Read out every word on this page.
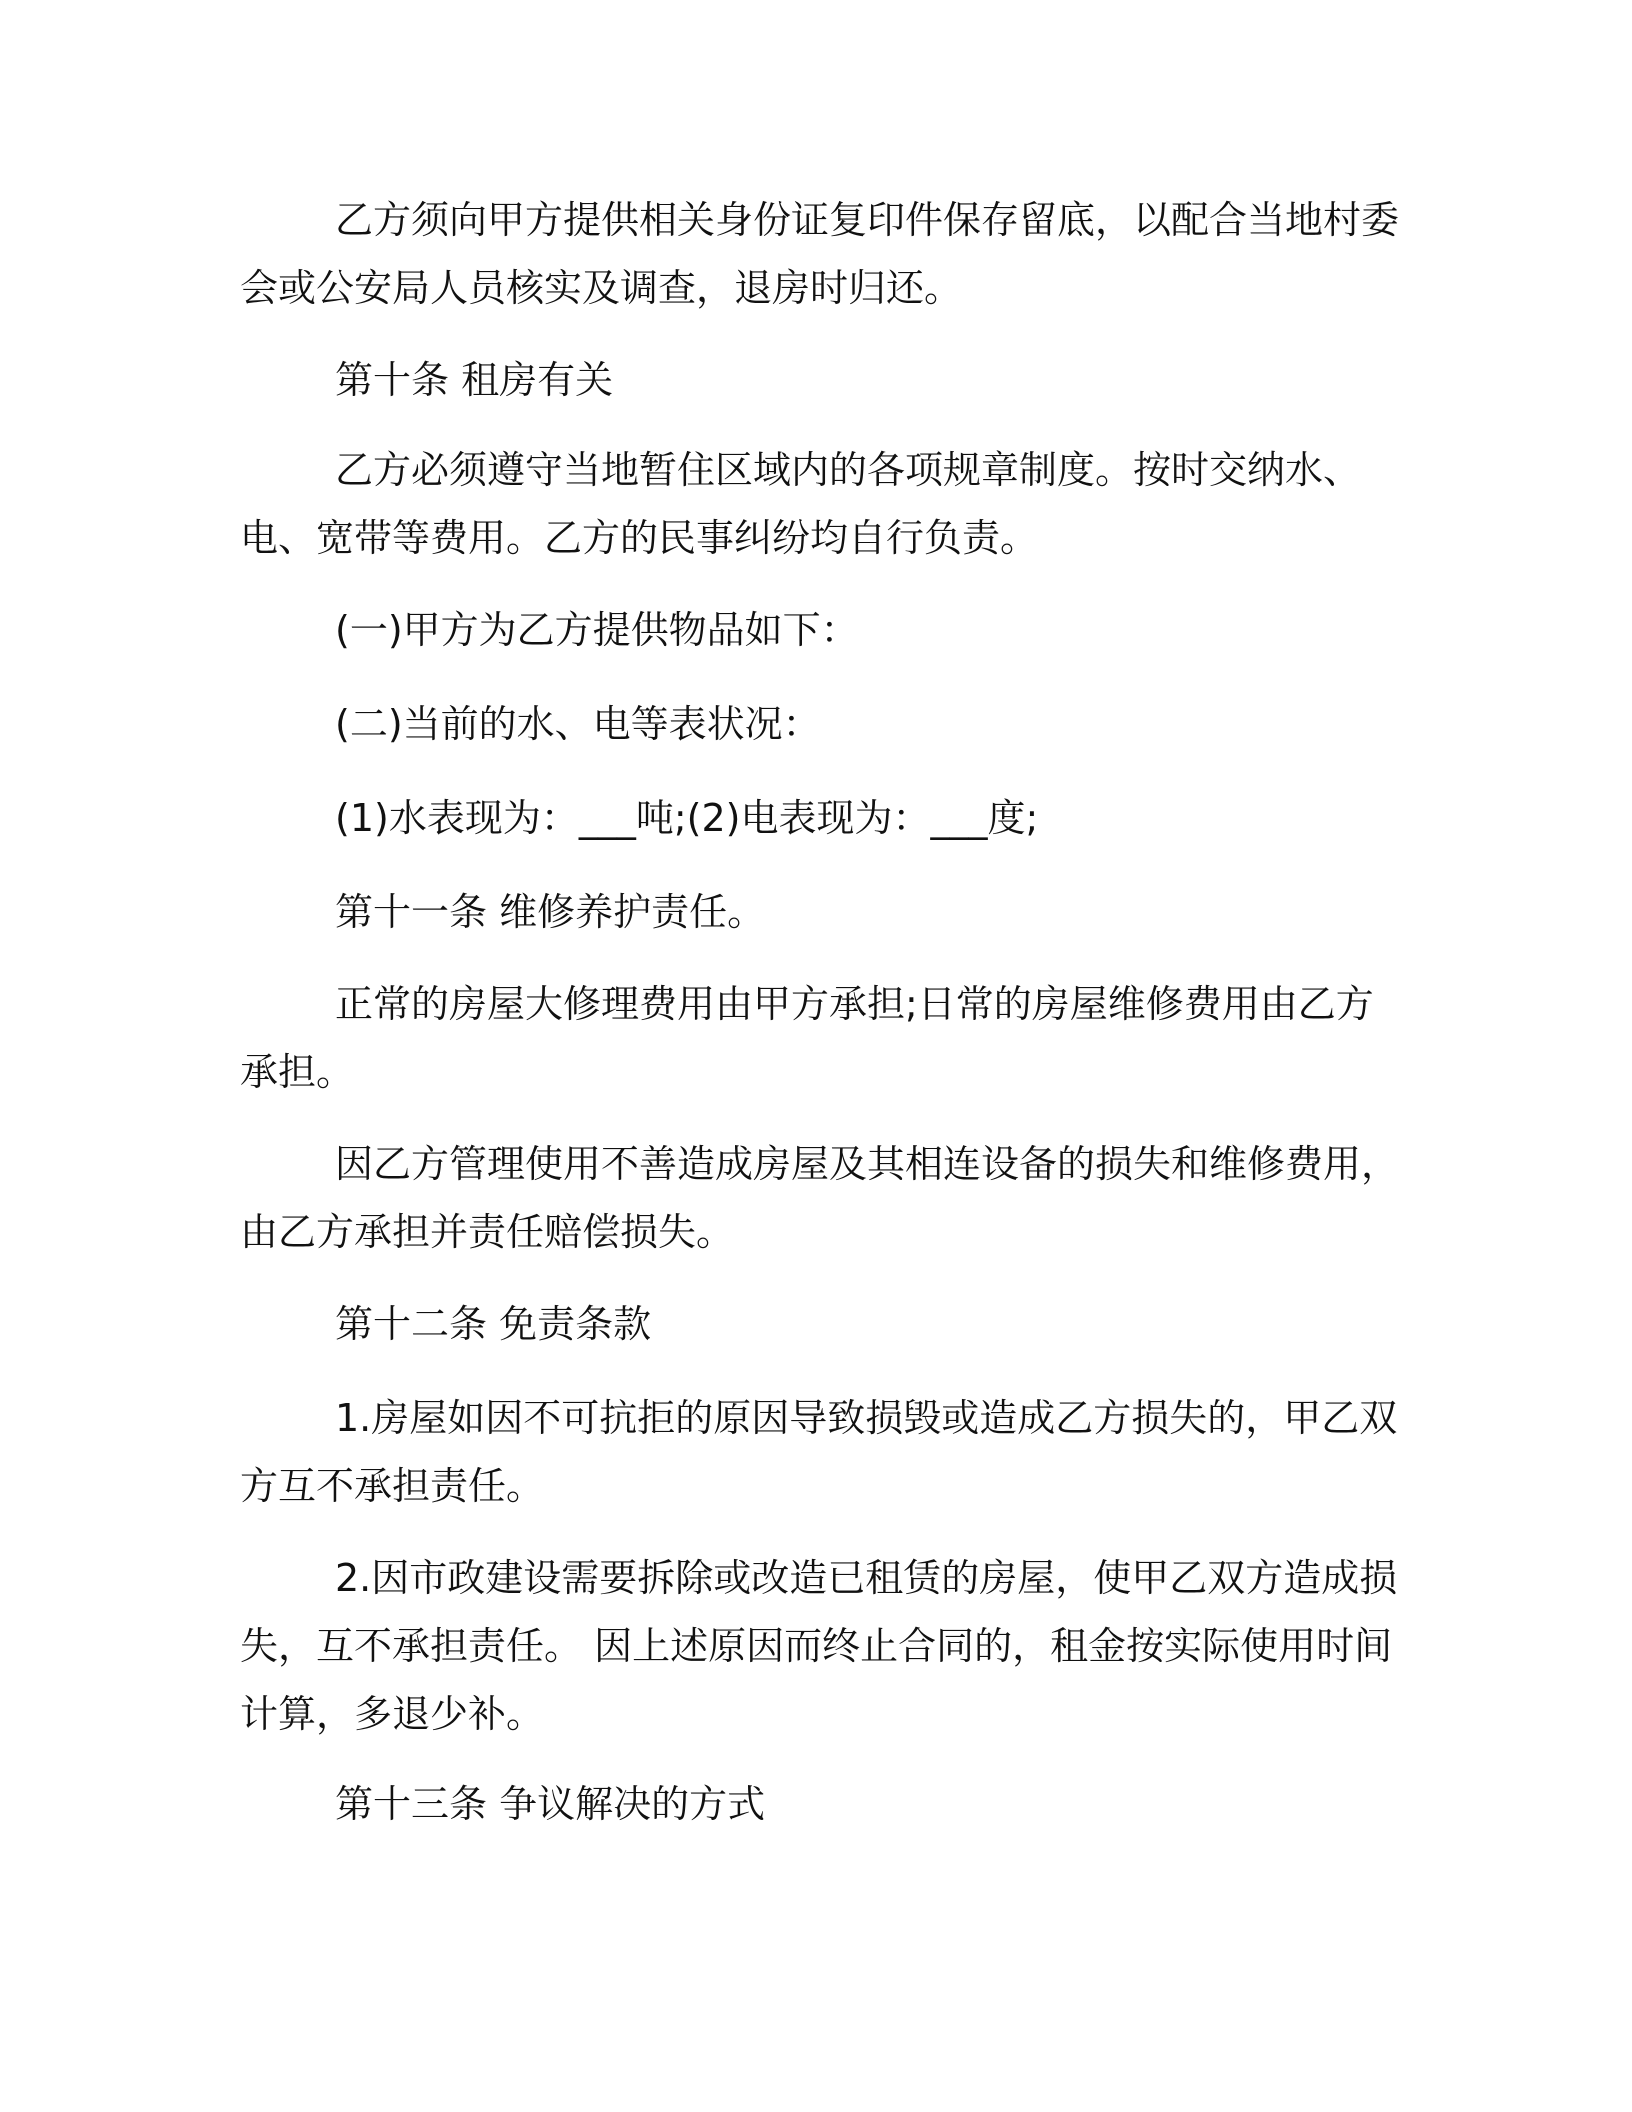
乙方须向甲方提供相关身份证复印件保存留底，以配合当地村委会或公安局人员核实及调查，退房时归还。

第十条 租房有关

乙方必须遵守当地暂住区域内的各项规章制度。按时交纳水、电、宽带等费用。乙方的民事纠纷均自行负责。

(一)甲方为乙方提供物品如下：

(二)当前的水、电等表状况：

(1)水表现为：___吨;(2)电表现为：___度;

第十一条 维修养护责任。

正常的房屋大修理费用由甲方承担;日常的房屋维修费用由乙方承担。

因乙方管理使用不善造成房屋及其相连设备的损失和维修费用，由乙方承担并责任赔偿损失。

第十二条 免责条款

1.房屋如因不可抗拒的原因导致损毁或造成乙方损失的，甲乙双方互不承担责任。

2.因市政建设需要拆除或改造已租赁的房屋，使甲乙双方造成损失，互不承担责任。 因上述原因而终止合同的，租金按实际使用时间计算，多退少补。

第十三条 争议解决的方式
